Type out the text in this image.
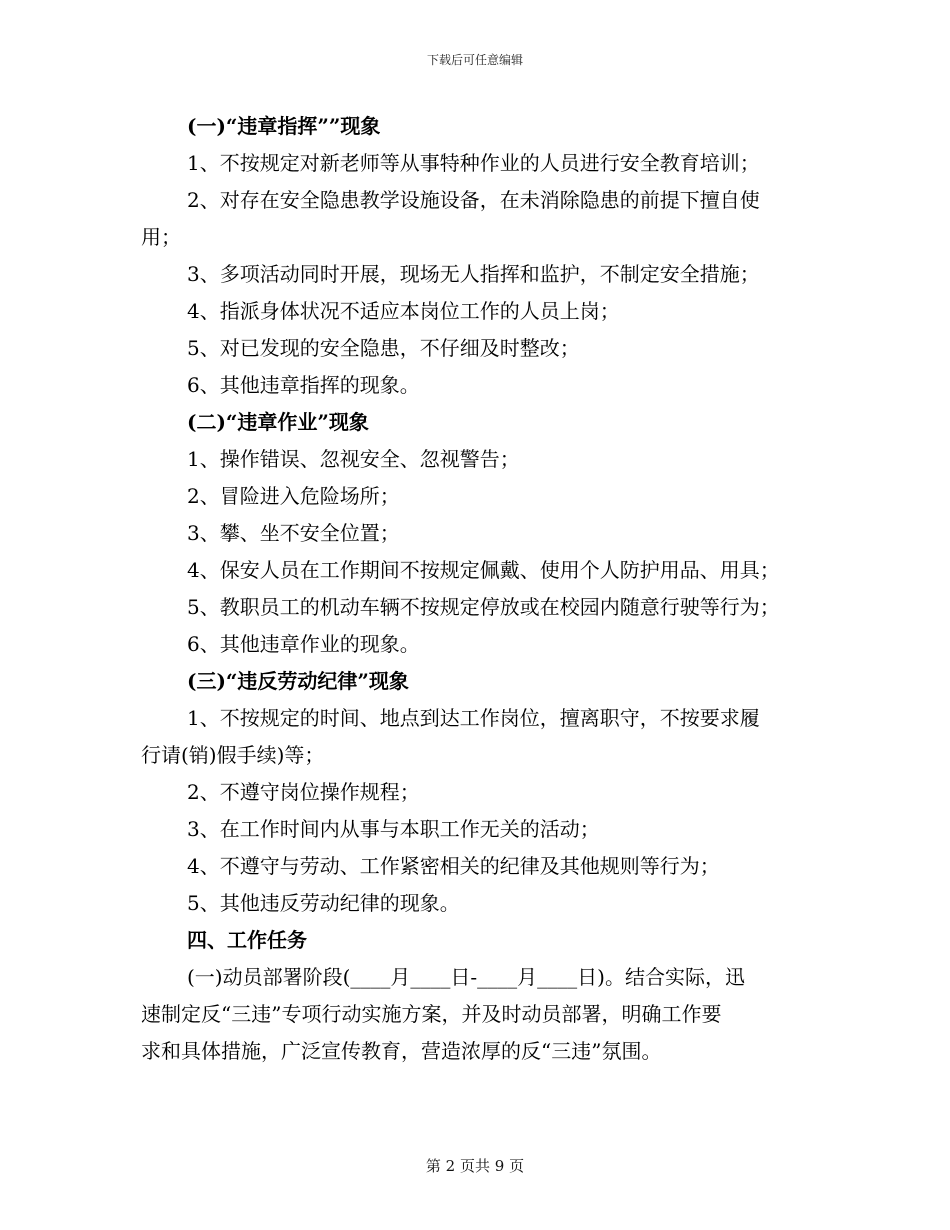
下载后可任意编辑

(一)“违章指挥””现象

1、不按规定对新老师等从事特种作业的人员进行安全教育培训；

2、对存在安全隐患教学设施设备，在未消除隐患的前提下擅自使

用；

3、多项活动同时开展，现场无人指挥和监护，不制定安全措施；

4、指派身体状况不适应本岗位工作的人员上岗；

5、对已发现的安全隐患，不仔细及时整改；

6、其他违章指挥的现象。

(二)“违章作业”现象

1、操作错误、忽视安全、忽视警告；

2、冒险进入危险场所；

3、攀、坐不安全位置；

4、保安人员在工作期间不按规定佩戴、使用个人防护用品、用具；

5、教职员工的机动车辆不按规定停放或在校园内随意行驶等行为；

6、其他违章作业的现象。

(三)“违反劳动纪律”现象

1、不按规定的时间、地点到达工作岗位，擅离职守，不按要求履

行请(销)假手续)等；

2、不遵守岗位操作规程；

3、在工作时间内从事与本职工作无关的活动；

4、不遵守与劳动、工作紧密相关的纪律及其他规则等行为；

5、其他违反劳动纪律的现象。

四、工作任务

(一)动员部署阶段(____月____日-____月____日)。结合实际，迅

速制定反“三违”专项行动实施方案，并及时动员部署，明确工作要

求和具体措施，广泛宣传教育，营造浓厚的反“三违”氛围。

第 2 页共 9 页
